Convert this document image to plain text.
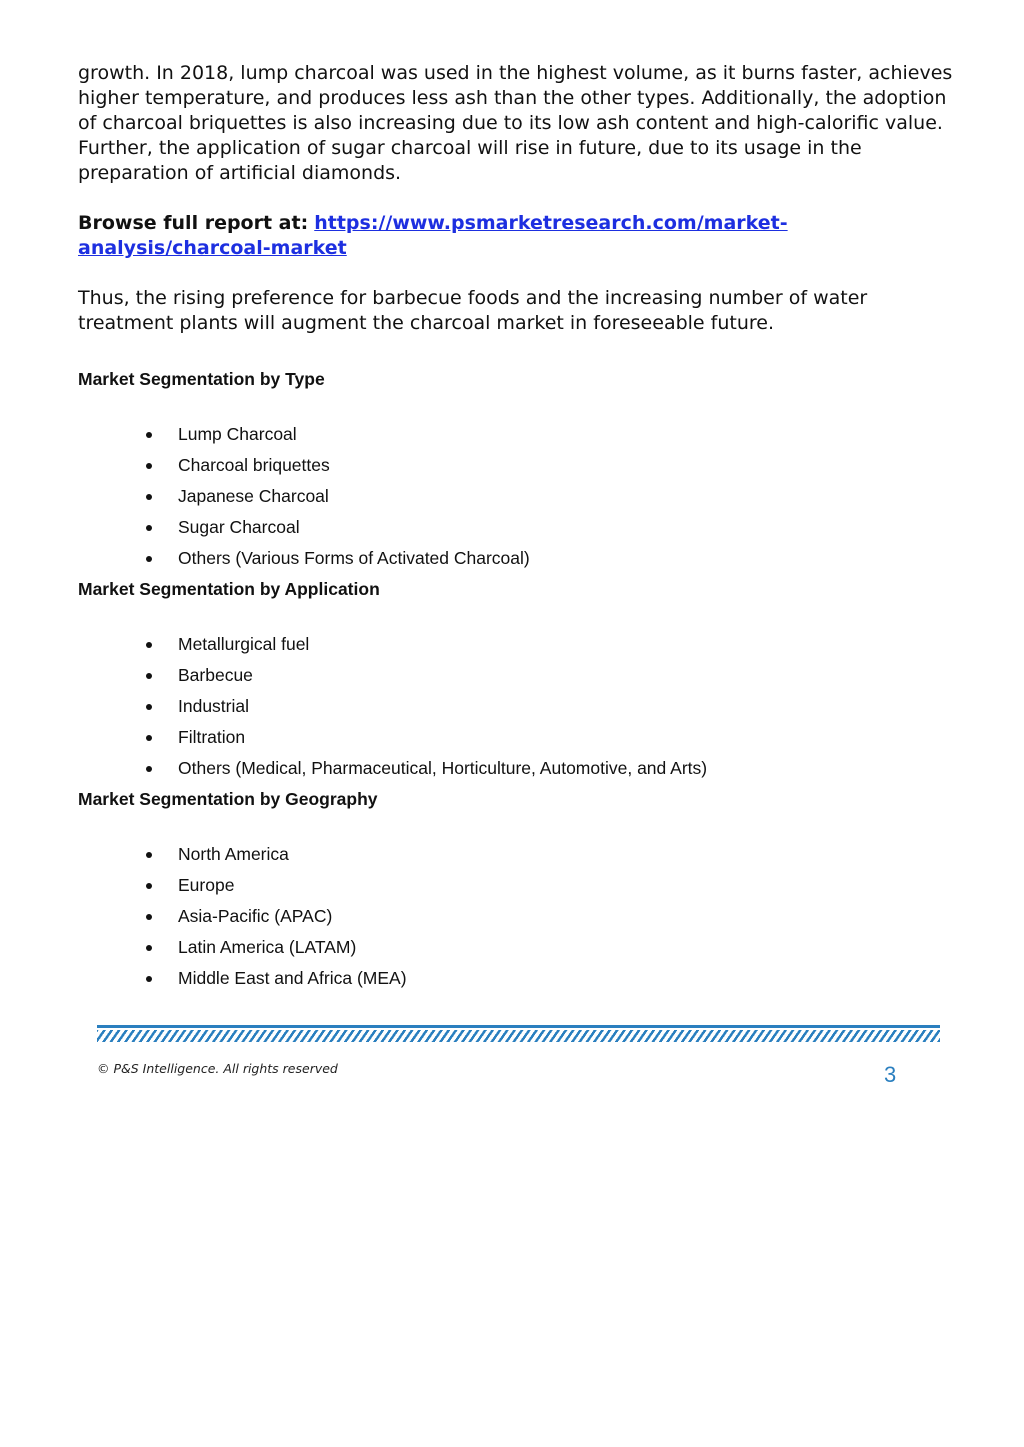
growth. In 2018, lump charcoal was used in the highest volume, as it burns faster, achieves higher temperature, and produces less ash than the other types. Additionally, the adoption of charcoal briquettes is also increasing due to its low ash content and high-calorific value. Further, the application of sugar charcoal will rise in future, due to its usage in the preparation of artificial diamonds.

Browse full report at: https://www.psmarketresearch.com/market-analysis/charcoal-market

Thus, the rising preference for barbecue foods and the increasing number of water treatment plants will augment the charcoal market in foreseeable future.

Market Segmentation by Type

Lump Charcoal
Charcoal briquettes
Japanese Charcoal
Sugar Charcoal
Others (Various Forms of Activated Charcoal)

Market Segmentation by Application

Metallurgical fuel
Barbecue
Industrial
Filtration
Others (Medical, Pharmaceutical, Horticulture, Automotive, and Arts)

Market Segmentation by Geography

North America
Europe
Asia-Pacific (APAC)
Latin America (LATAM)
Middle East and Africa (MEA)

© P&S Intelligence. All rights reserved	3
